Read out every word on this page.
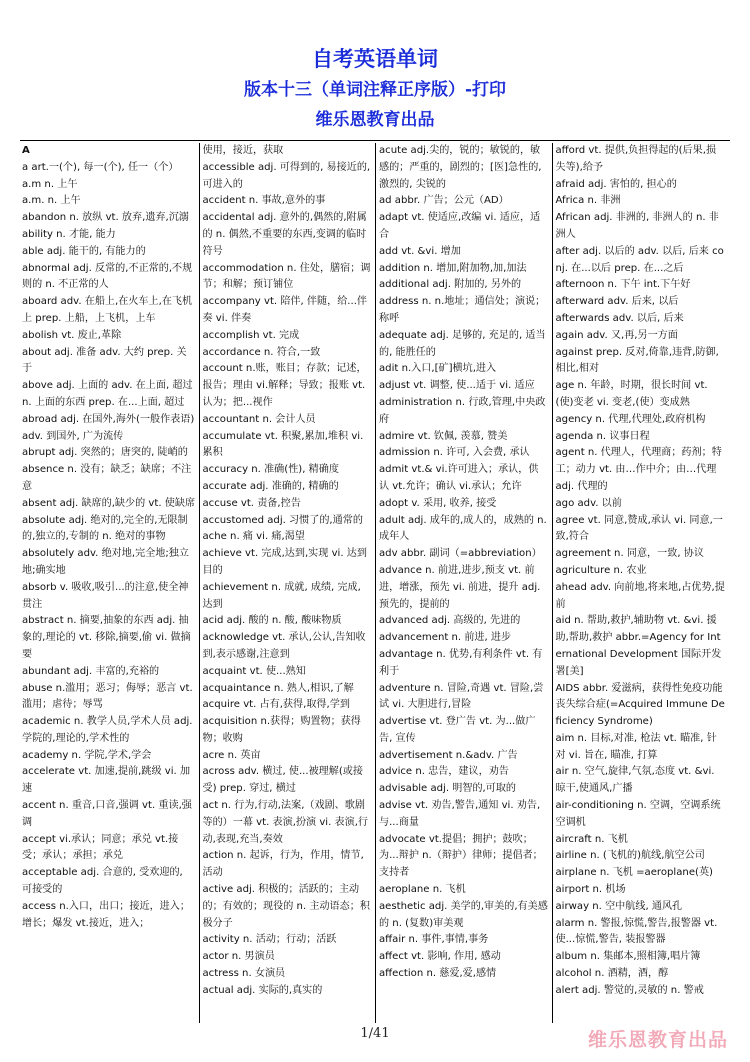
自考英语单词
版本十三（单词注释正序版）-打印
维乐恩教育出品
A
a art.一(个), 每一(个), 任一（个）
a.m n. 上午
a.m. n. 上午
abandon n. 放纵 vt. 放弃,遗弃,沉溺
ability n. 才能, 能力
able adj. 能干的, 有能力的
abnormal adj. 反常的,不正常的,不规则的 n. 不正常的人
aboard adv. 在船上,在火车上,在飞机上 prep. 上船，上飞机，上车
abolish vt. 废止,革除
about adj. 准备 adv. 大约 prep. 关于
above adj. 上面的 adv. 在上面, 超过 n. 上面的东西 prep. 在...上面, 超过
abroad adj. 在国外,海外(一般作表语) adv. 到国外, 广为流传
abrupt adj. 突然的；唐突的, 陡峭的
absence n. 没有；缺乏；缺席；不注意
absent adj. 缺席的,缺少的 vt. 使缺席
absolute adj. 绝对的,完全的,无限制的,独立的,专制的 n. 绝对的事物
absolutely adv. 绝对地,完全地;独立地;确实地
absorb v. 吸收,吸引...的注意,使全神贯注
abstract n. 摘要,抽象的东西 adj. 抽象的,理论的 vt. 移除,摘要,偷 vi. 做摘要
abundant adj. 丰富的,充裕的
abuse n.滥用；恶习；侮辱；恶言 vt.滥用；虐待；辱骂
academic n. 教学人员,学术人员 adj. 学院的,理论的,学术性的
academy n. 学院,学术,学会
accelerate vt. 加速,提前,跳级 vi. 加速
accent n. 重音,口音,强调 vt. 重读,强调
accept vi.承认；同意；承兑 vt.接受；承认；承担；承兑
acceptable adj. 合意的, 受欢迎的, 可接受的
access n.入口，出口；接近，进入；增长；爆发 vt.接近，进入；
使用，接近，获取
accessible adj. 可得到的, 易接近的, 可进入的
accident n. 事故,意外的事
accidental adj. 意外的,偶然的,附属的 n. 偶然,不重要的东西,变调的临时符号
accommodation n. 住处，膳宿；调节；和解；预订铺位
accompany vt. 陪伴, 伴随，给...伴奏 vi. 伴奏
accomplish vt. 完成
accordance n. 符合,一致
account n.账，账目；存款；记述，报告；理由 vi.解释；导致；报账 vt.认为；把...视作
accountant n. 会计人员
accumulate vt. 积聚,累加,堆积 vi. 累积
accuracy n. 准确(性), 精确度
accurate adj. 准确的, 精确的
accuse vt. 责备,控告
accustomed adj. 习惯了的,通常的
ache n. 痛 vi. 痛,渴望
achieve vt. 完成,达到,实现 vi. 达到目的
achievement n. 成就, 成绩, 完成, 达到
acid adj. 酸的 n. 酸, 酸味物质
acknowledge vt. 承认,公认,告知收到,表示感谢,注意到
acquaint vt. 使...熟知
acquaintance n. 熟人,相识,了解
acquire vt. 占有,获得,取得,学到
acquisition n.获得；购置物；获得物；收购
acre n. 英亩
across adv. 横过, 使...被理解(或接受) prep. 穿过, 横过
act n. 行为,行动,法案,（戏剧、歌剧等的）一幕 vt. 表演,扮演 vi. 表演,行动,表现,充当,奏效
action n. 起诉，行为，作用，情节,活动
active adj. 积极的；活跃的；主动的；有效的；现役的 n. 主动语态；积极分子
activity n. 活动；行动；活跃
actor n. 男演员
actress n. 女演员
actual adj. 实际的,真实的
acute adj.尖的，锐的；敏锐的，敏感的；严重的，剧烈的；[医]急性的, 激烈的, 尖锐的
ad abbr. 广告；公元（AD）
adapt vt. 使适应,改编 vi. 适应，适合
add vt. &vi. 增加
addition n. 增加,附加物,加,加法
additional adj. 附加的, 另外的
address n. n.地址；通信处；演说；称呼
adequate adj. 足够的, 充足的, 适当的, 能胜任的
adit n.入口,[矿]横坑,进入
adjust vt. 调整, 使...适于 vi. 适应
administration n. 行政,管理,中央政府
admire vt. 钦佩, 羡慕, 赞美
admission n. 许可, 入会费, 承认
admit vt.& vi.许可进入；承认，供认 vt.允许；确认 vi.承认；允许
adopt v. 采用, 收养, 接受
adult adj. 成年的,成人的，成熟的 n. 成年人
adv abbr. 副词（=abbreviation）
advance n. 前进,进步,预支 vt. 前进，增涨，预先 vi. 前进，提升 adj. 预先的，提前的
advanced adj. 高级的, 先进的
advancement n. 前进, 进步
advantage n. 优势,有利条件 vt. 有利于
adventure n. 冒险,奇遇 vt. 冒险,尝试 vi. 大胆进行,冒险
advertise vt. 登广告 vt. 为...做广告, 宣传
advertisement n.&adv. 广告
advice n. 忠告，建议，劝告
advisable adj. 明智的,可取的
advise vt. 劝告,警告,通知 vi. 劝告,与...商量
advocate vt.提倡；拥护；鼓吹；为...辩护 n.（辩护）律师；提倡者；支持者
aeroplane n. 飞机
aesthetic adj. 美学的,审美的,有美感的 n. (复数)审美观
affair n. 事件,事情,事务
affect vt. 影响, 作用, 感动
affection n. 慈爱,爱,感情
afford vt. 提供,负担得起的(后果,损失等),给予
afraid adj. 害怕的, 担心的
Africa n. 非洲
African adj. 非洲的, 非洲人的 n. 非洲人
after adj. 以后的 adv. 以后, 后来 conj. 在...以后 prep. 在...之后
afternoon n. 下午 int.下午好
afterward adv. 后来, 以后
afterwards adv. 以后, 后来
again adv. 又,再,另一方面
against prep. 反对,倚靠,违背,防御,相比,相对
age n. 年龄，时期，很长时间 vt. (使)变老 vi. 变老,(使）变成熟
agency n. 代理,代理处,政府机构
agenda n. 议事日程
agent n. 代理人，代理商；药剂；特工；动力 vt. 由…作中介；由…代理 adj. 代理的
ago adv. 以前
agree vt. 同意,赞成,承认 vi. 同意,一致,符合
agreement n. 同意，一致, 协议
agriculture n. 农业
ahead adv. 向前地,将来地,占优势,提前
aid n. 帮助,救护,辅助物 vt. &vi. 援助,帮助,救护 abbr.=Agency for International Development 国际开发署[美]
AIDS abbr. 爱滋病，获得性免疫功能丧失综合症(=Acquired Immune Deficiency Syndrome)
aim n. 目标,对准, 枪法 vt. 瞄准, 针对 vi. 旨在, 瞄准, 打算
air n. 空气,旋律,气氛,态度 vt. &vi. 晾干,使通风,广播
air-conditioning n. 空调，空调系统 空调机
aircraft n. 飞机
airline n. (飞机的)航线,航空公司
airplane n. 飞机 =aeroplane(英)
airport n. 机场
airway n. 空中航线, 通风孔
alarm n. 警报,惊慌,警告,报警器 vt. 使...惊慌,警告, 装报警器
album n. 集邮本,照相簿,唱片簿
alcohol n. 酒精，酒，醇
alert adj. 警觉的,灵敏的 n. 警戒
1/41	维乐恩教育出品
